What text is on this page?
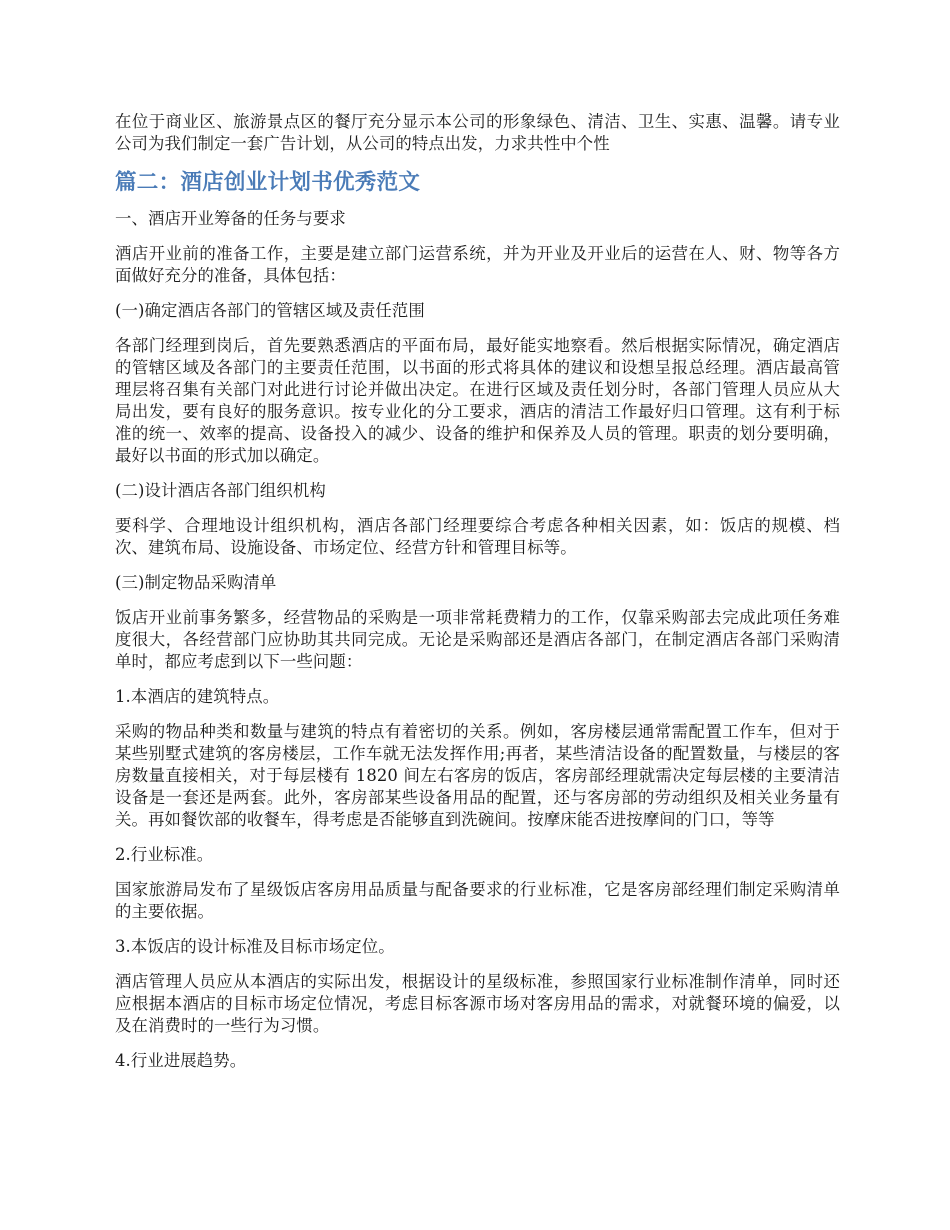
在位于商业区、旅游景点区的餐厅充分显示本公司的形象绿色、清洁、卫生、实惠、温馨。请专业公司为我们制定一套广告计划，从公司的特点出发，力求共性中个性

篇二：酒店创业计划书优秀范文

一、酒店开业筹备的任务与要求

酒店开业前的准备工作，主要是建立部门运营系统，并为开业及开业后的运营在人、财、物等各方面做好充分的准备，具体包括：

(一)确定酒店各部门的管辖区域及责任范围

各部门经理到岗后，首先要熟悉酒店的平面布局，最好能实地察看。然后根据实际情况，确定酒店的管辖区域及各部门的主要责任范围，以书面的形式将具体的建议和设想呈报总经理。酒店最高管理层将召集有关部门对此进行讨论并做出决定。在进行区域及责任划分时，各部门管理人员应从大局出发，要有良好的服务意识。按专业化的分工要求，酒店的清洁工作最好归口管理。这有利于标准的统一、效率的提高、设备投入的减少、设备的维护和保养及人员的管理。职责的划分要明确，最好以书面的形式加以确定。

(二)设计酒店各部门组织机构

要科学、合理地设计组织机构，酒店各部门经理要综合考虑各种相关因素，如：饭店的规模、档次、建筑布局、设施设备、市场定位、经营方针和管理目标等。

(三)制定物品采购清单

饭店开业前事务繁多，经营物品的采购是一项非常耗费精力的工作，仅靠采购部去完成此项任务难度很大，各经营部门应协助其共同完成。无论是采购部还是酒店各部门，在制定酒店各部门采购清单时，都应考虑到以下一些问题：

1.本酒店的建筑特点。

采购的物品种类和数量与建筑的特点有着密切的关系。例如，客房楼层通常需配置工作车，但对于某些别墅式建筑的客房楼层，工作车就无法发挥作用;再者，某些清洁设备的配置数量，与楼层的客房数量直接相关，对于每层楼有 1820 间左右客房的饭店，客房部经理就需决定每层楼的主要清洁设备是一套还是两套。此外，客房部某些设备用品的配置，还与客房部的劳动组织及相关业务量有关。再如餐饮部的收餐车，得考虑是否能够直到洗碗间。按摩床能否进按摩间的门口，等等

2.行业标准。

国家旅游局发布了星级饭店客房用品质量与配备要求的行业标准，它是客房部经理们制定采购清单的主要依据。

3.本饭店的设计标准及目标市场定位。

酒店管理人员应从本酒店的实际出发，根据设计的星级标准，参照国家行业标准制作清单，同时还应根据本酒店的目标市场定位情况，考虑目标客源市场对客房用品的需求，对就餐环境的偏爱，以及在消费时的一些行为习惯。

4.行业进展趋势。
